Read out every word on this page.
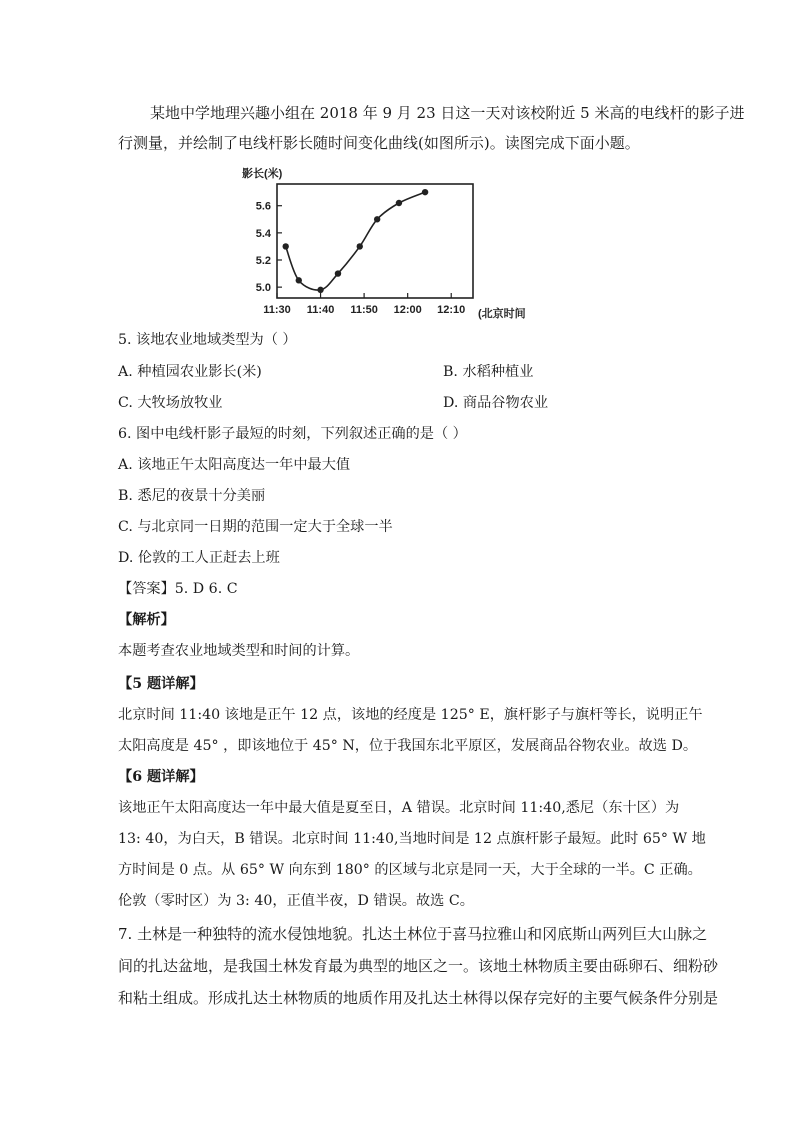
某地中学地理兴趣小组在 2018 年 9 月 23 日这一天对该校附近 5 米高的电线杆的影子进
行测量，并绘制了电线杆影长随时间变化曲线(如图所示)。读图完成下面小题。
影长(米)
5.0
5.2
5.4
5.6
11:30 11:40 11:50 12:00 12:10 (北京时间
5. 该地农业地域类型为（ ）
A. 种植园农业影长(米)	B. 水稻种植业
C. 大牧场放牧业	D. 商品谷物农业
6. 图中电线杆影子最短的时刻，下列叙述正确的是（ ）
A. 该地正午太阳高度达一年中最大值
B. 悉尼的夜景十分美丽
C. 与北京同一日期的范围一定大于全球一半
D. 伦敦的工人正赶去上班
【答案】5. D 6. C
【解析】
本题考查农业地域类型和时间的计算。
【5 题详解】
北京时间 11:40 该地是正午 12 点，该地的经度是 125° E，旗杆影子与旗杆等长，说明正午
太阳高度是 45° ，即该地位于 45° N，位于我国东北平原区，发展商品谷物农业。故选 D。
【6 题详解】
该地正午太阳高度达一年中最大值是夏至日，A 错误。北京时间 11:40,悉尼（东十区）为
13: 40，为白天，B 错误。北京时间 11:40,当地时间是 12 点旗杆影子最短。此时 65° W 地
方时间是 0 点。从 65° W 向东到 180° 的区域与北京是同一天，大于全球的一半。C 正确。
伦敦（零时区）为 3: 40，正值半夜，D 错误。故选 C。
7. 土林是一种独特的流水侵蚀地貌。扎达土林位于喜马拉雅山和冈底斯山两列巨大山脉之
间的扎达盆地，是我国土林发育最为典型的地区之一。该地土林物质主要由砾卵石、细粉砂
和粘土组成。形成扎达土林物质的地质作用及扎达土林得以保存完好的主要气候条件分别是
